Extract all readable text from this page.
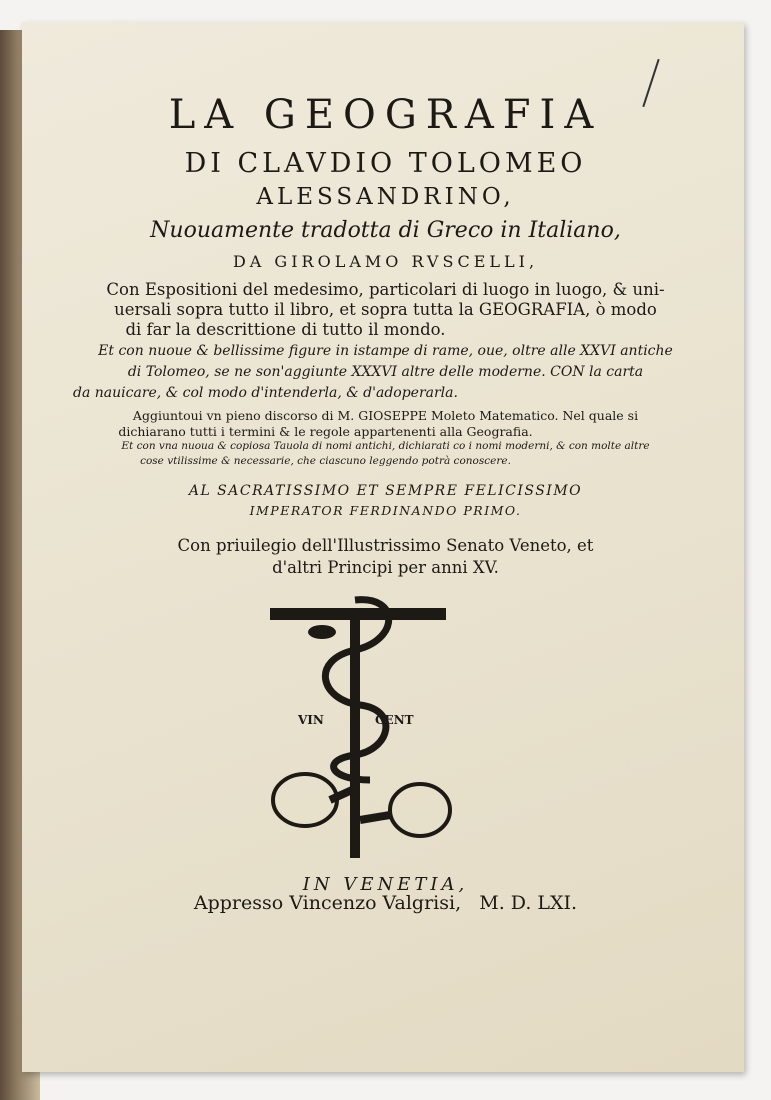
LA GEOGRAFIA
DI CLAVDIO TOLOMEO
ALESSANDRINO,
Nuouamente tradotta di Greco in Italiano,
DA GIROLAMO RVSCELLI,
Con Espositioni del medesimo, particolari di luogo in luogo, & uni-
uersali sopra tutto il libro, et sopra tutta la GEOGRAFIA, ò modo
di far la descrittione di tutto il mondo.
Et con nuoue & bellissime figure in istampe di rame, oue, oltre alle XXVI antiche
di Tolomeo, se ne son'aggiunte XXXVI altre delle moderne. CON la carta
da nauicare, & col modo d'intenderla, & d'adoperarla.
Aggiuntoui vn pieno discorso di M. GIOSEPPE Moleto Matematico. Nel quale si
dichiarano tutti i termini & le regole appartenenti alla Geografia.
Et con vna nuoua & copiosa Tauola di nomi antichi, dichiarati co i nomi moderni, & con molte altre
cose vtilissime & necessarie, che ciascuno leggendo potrà conoscere.
AL SACRATISSIMO ET SEMPRE FELICISSIMO
IMPERATOR FERDINANDO PRIMO.
Con priuilegio dell'Illustrissimo Senato Veneto, et
d'altri Principi per anni XV.
VIN	CENT
IN VENETIA,
Appresso Vincenzo Valgrisi,   M. D. LXI.
